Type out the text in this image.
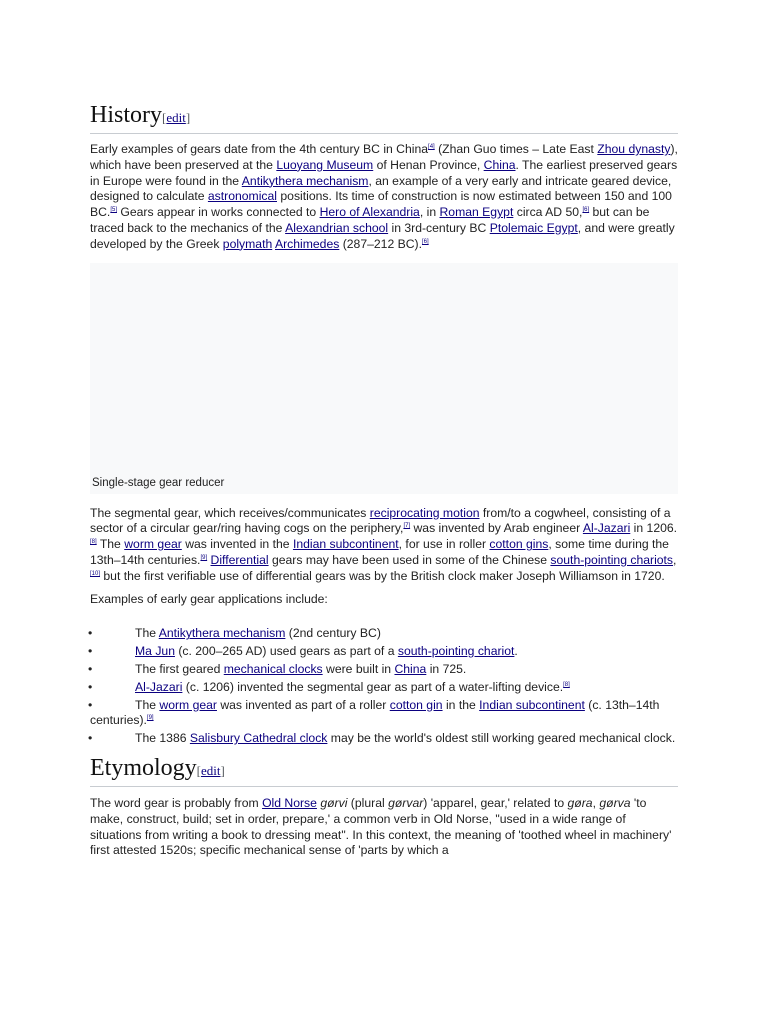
History[edit]

Early examples of gears date from the 4th century BC in China[4] (Zhan Guo times – Late East Zhou dynasty), which have been preserved at the Luoyang Museum of Henan Province, China. The earliest preserved gears in Europe were found in the Antikythera mechanism, an example of a very early and intricate geared device, designed to calculate astronomical positions. Its time of construction is now estimated between 150 and 100 BC.[5] Gears appear in works connected to Hero of Alexandria, in Roman Egypt circa AD 50,[6] but can be traced back to the mechanics of the Alexandrian school in 3rd-century BC Ptolemaic Egypt, and were greatly developed by the Greek polymath Archimedes (287–212 BC).[6]

Single-stage gear reducer

The segmental gear, which receives/communicates reciprocating motion from/to a cogwheel, consisting of a sector of a circular gear/ring having cogs on the periphery,[7] was invented by Arab engineer Al-Jazari in 1206.[8] The worm gear was invented in the Indian subcontinent, for use in roller cotton gins, some time during the 13th–14th centuries.[9] Differential gears may have been used in some of the Chinese south-pointing chariots,[10] but the first verifiable use of differential gears was by the British clock maker Joseph Williamson in 1720.

Examples of early gear applications include:

•	The Antikythera mechanism (2nd century BC)
•	Ma Jun (c. 200–265 AD) used gears as part of a south-pointing chariot.
•	The first geared mechanical clocks were built in China in 725.
•	Al-Jazari (c. 1206) invented the segmental gear as part of a water-lifting device.[8]
•	The worm gear was invented as part of a roller cotton gin in the Indian subcontinent (c. 13th–14th centuries).[9]
•	The 1386 Salisbury Cathedral clock may be the world's oldest still working geared mechanical clock.
Etymology[edit]

The word gear is probably from Old Norse gørvi (plural gørvar) 'apparel, gear,' related to gøra, gørva 'to make, construct, build; set in order, prepare,' a common verb in Old Norse, "used in a wide range of situations from writing a book to dressing meat". In this context, the meaning of 'toothed wheel in machinery' first attested 1520s; specific mechanical sense of 'parts by which a
